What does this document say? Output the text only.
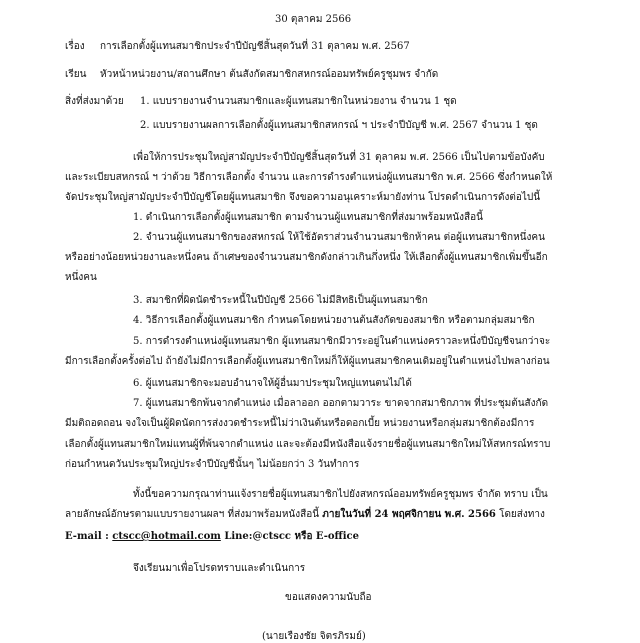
30 ตุลาคม 2566
เรื่อง การเลือกตั้งผู้แทนสมาชิกประจำปีบัญชีสิ้นสุดวันที่ 31 ตุลาคม พ.ศ. 2567
เรียน หัวหน้าหน่วยงาน/สถานศึกษา ต้นสังกัดสมาชิกสหกรณ์ออมทรัพย์ครูชุมพร จำกัด
สิ่งที่ส่งมาด้วย 1. แบบรายงานจำนวนสมาชิกและผู้แทนสมาชิกในหน่วยงาน จำนวน 1 ชุด
2. แบบรายงานผลการเลือกตั้งผู้แทนสมาชิกสหกรณ์ ฯ ประจำปีบัญชี พ.ศ. 2567 จำนวน 1 ชุด
เพื่อให้การประชุมใหญ่สามัญประจำปีบัญชีสิ้นสุดวันที่ 31 ตุลาคม พ.ศ. 2566 เป็นไปตามข้อบังคับ
และระเบียบสหกรณ์ ฯ ว่าด้วย วิธีการเลือกตั้ง จำนวน และการดำรงตำแหน่งผู้แทนสมาชิก พ.ศ. 2566 ซึ่งกำหนดให้
จัดประชุมใหญ่สามัญประจำปีบัญชีโดยผู้แทนสมาชิก จึงขอความอนุเคราะห์มายังท่าน โปรดดำเนินการดังต่อไปนี้
1. ดำเนินการเลือกตั้งผู้แทนสมาชิก ตามจำนวนผู้แทนสมาชิกที่ส่งมาพร้อมหนังสือนี้
2. จำนวนผู้แทนสมาชิกของสหกรณ์ ให้ใช้อัตราส่วนจำนวนสมาชิกห้าคน ต่อผู้แทนสมาชิกหนึ่งคน
หรืออย่างน้อยหน่วยงานละหนึ่งคน ถ้าเศษของจำนวนสมาชิกดังกล่าวเกินกึ่งหนึ่ง ให้เลือกตั้งผู้แทนสมาชิกเพิ่มขึ้นอีก
หนึ่งคน
3. สมาชิกที่ผิดนัดชำระหนี้ในปีบัญชี 2566 ไม่มีสิทธิเป็นผู้แทนสมาชิก
4. วิธีการเลือกตั้งผู้แทนสมาชิก กำหนดโดยหน่วยงานต้นสังกัดของสมาชิก หรือตามกลุ่มสมาชิก
5. การดำรงตำแหน่งผู้แทนสมาชิก ผู้แทนสมาชิกมีวาระอยู่ในตำแหน่งคราวละหนึ่งปีบัญชีจนกว่าจะ
มีการเลือกตั้งครั้งต่อไป ถ้ายังไม่มีการเลือกตั้งผู้แทนสมาชิกใหม่ก็ให้ผู้แทนสมาชิกคนเดิมอยู่ในตำแหน่งไปพลางก่อน
6. ผู้แทนสมาชิกจะมอบอำนาจให้ผู้อื่นมาประชุมใหญ่แทนตนไม่ได้
7. ผู้แทนสมาชิกพ้นจากตำแหน่ง เมื่อลาออก ออกตามวาระ ขาดจากสมาชิกภาพ ที่ประชุมต้นสังกัด
มีมติถอดถอน จงใจเป็นผู้ผิดนัดการส่งงวดชำระหนี้ไม่ว่าเงินต้นหรือดอกเบี้ย หน่วยงานหรือกลุ่มสมาชิกต้องมีการ
เลือกตั้งผู้แทนสมาชิกใหม่แทนผู้ที่พ้นจากตำแหน่ง และจะต้องมีหนังสือแจ้งรายชื่อผู้แทนสมาชิกใหม่ให้สหกรณ์ทราบ
ก่อนกำหนดวันประชุมใหญ่ประจำปีบัญชีนั้นๆ ไม่น้อยกว่า 3 วันทำการ
ทั้งนี้ขอความกรุณาท่านแจ้งรายชื่อผู้แทนสมาชิกไปยังสหกรณ์ออมทรัพย์ครูชุมพร จำกัด ทราบ เป็น
ลายลักษณ์อักษรตามแบบรายงานผลฯ ที่ส่งมาพร้อมหนังสือนี้ ภายในวันที่ 24 พฤศจิกายน พ.ศ. 2566 โดยส่งทาง
E-mail : ctscc@hotmail.com Line:@ctscc หรือ E-office
จึงเรียนมาเพื่อโปรดทราบและดำเนินการ
ขอแสดงความนับถือ
(นายเรืองชัย จิตรภิรมย์)
